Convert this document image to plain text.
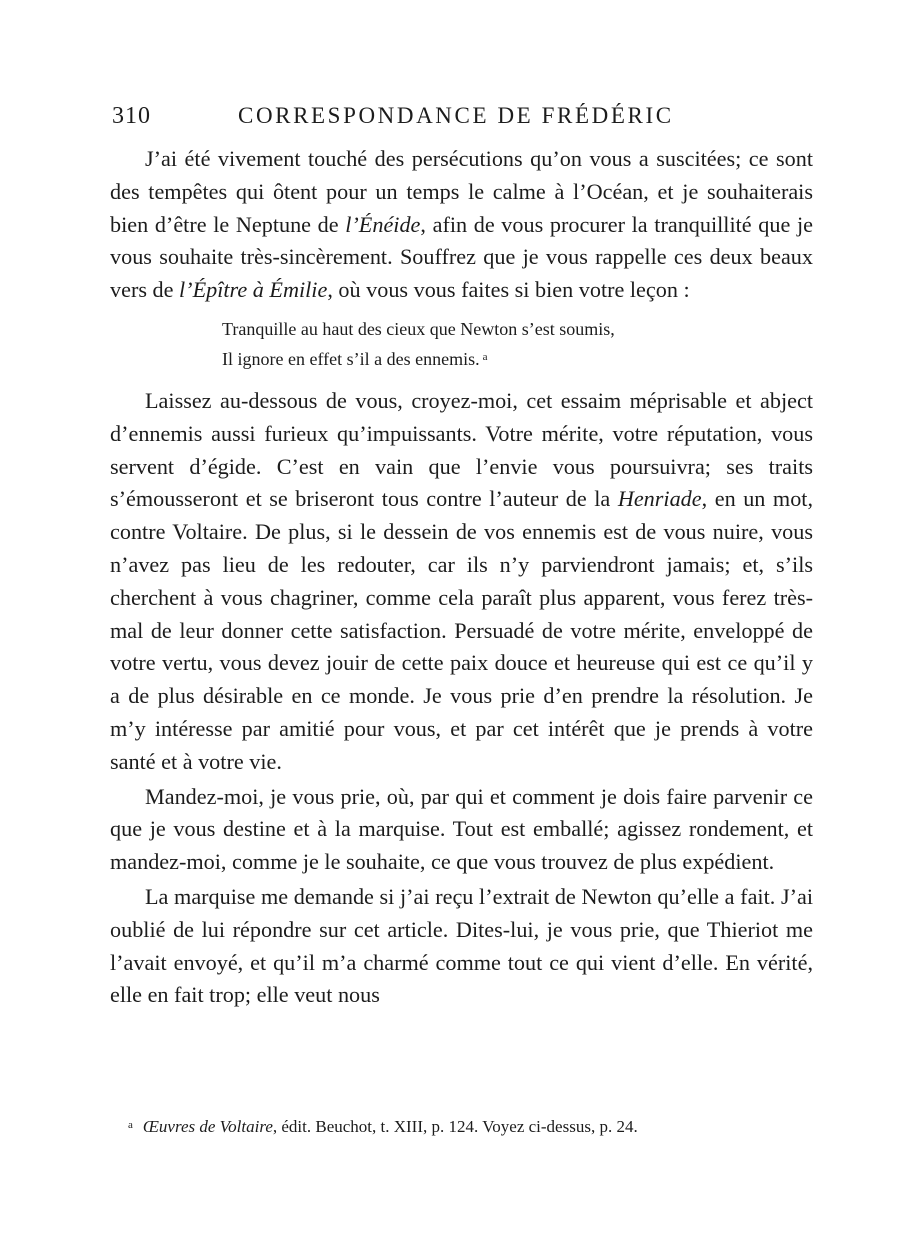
310	CORRESPONDANCE DE FRÉDÉRIC

J’ai été vivement touché des persécutions qu’on vous a suscitées; ce sont des tempêtes qui ôtent pour un temps le calme à l’Océan, et je souhaiterais bien d’être le Neptune de l’Énéide, afin de vous procurer la tranquillité que je vous souhaite très-sincèrement. Souffrez que je vous rappelle ces deux beaux vers de l’Épître à Émilie, où vous vous faites si bien votre leçon :

Tranquille au haut des cieux que Newton s’est soumis,
Il ignore en effet s’il a des ennemis. $^a$

Laissez au-dessous de vous, croyez-moi, cet essaim méprisable et abject d’ennemis aussi furieux qu’impuissants. Votre mérite, votre réputation, vous servent d’égide. C’est en vain que l’envie vous poursuivra; ses traits s’émousseront et se briseront tous contre l’auteur de la Henriade, en un mot, contre Voltaire. De plus, si le dessein de vos ennemis est de vous nuire, vous n’avez pas lieu de les redouter, car ils n’y parviendront jamais; et, s’ils cherchent à vous chagriner, comme cela paraît plus apparent, vous ferez très-mal de leur donner cette satisfaction. Persuadé de votre mérite, enveloppé de votre vertu, vous devez jouir de cette paix douce et heureuse qui est ce qu’il y a de plus désirable en ce monde. Je vous prie d’en prendre la résolution. Je m’y intéresse par amitié pour vous, et par cet intérêt que je prends à votre santé et à votre vie.

Mandez-moi, je vous prie, où, par qui et comment je dois faire parvenir ce que je vous destine et à la marquise. Tout est emballé; agissez rondement, et mandez-moi, comme je le souhaite, ce que vous trouvez de plus expédient.

La marquise me demande si j’ai reçu l’extrait de Newton qu’elle a fait. J’ai oublié de lui répondre sur cet article. Dites-lui, je vous prie, que Thieriot me l’avait envoyé, et qu’il m’a charmé comme tout ce qui vient d’elle. En vérité, elle en fait trop; elle veut nous

$^a$ Œuvres de Voltaire, édit. Beuchot, t. XIII, p. 124. Voyez ci-dessus, p. 24.
